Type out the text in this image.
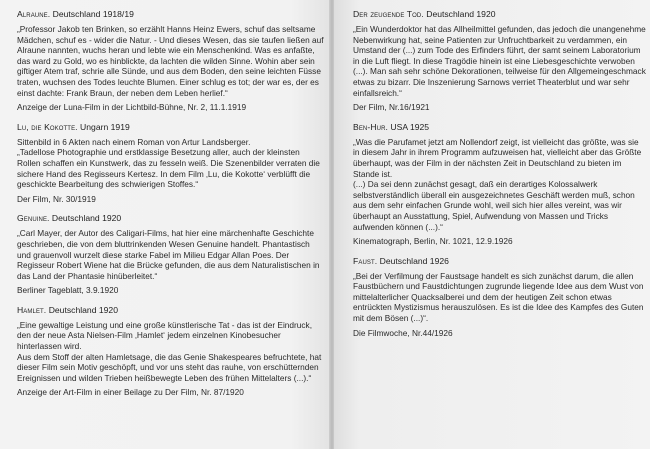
Alraune. Deutschland 1918/19

„Professor Jakob ten Brinken, so erzählt Hanns Heinz Ewers, schuf das seltsame Mädchen, schuf es - wider die Natur. - Und dieses Wesen, das sie taufen ließen auf Alraune nannten, wuchs heran und lebte wie ein Menschenkind. Was es anfaßte, das ward zu Gold, wo es hinblickte, da lachten die wilden Sinne. Wohin aber sein giftiger Atem traf, schrie alle Sünde, und aus dem Boden, den seine leichten Füsse traten, wuchsen des Todes leuchte Blumen. Einer schlug es tot; der war es, der es einst dachte: Frank Braun, der neben dem Leben herlief.“

Anzeige der Luna-Film in der Lichtbild-Bühne, Nr. 2, 11.1.1919
Lu, die Kokotte. Ungarn 1919

Sittenbild in 6 Akten nach einem Roman von Artur Landsberger.

„Tadellose Photographie und erstklassige Besetzung aller, auch der kleinsten Rollen schaffen ein Kunstwerk, das zu fesseln weiß. Die Szenenbilder verraten die sichere Hand des Regisseurs Kertesz. In dem Film ‚Lu, die Kokotte‘ verblüfft die geschickte Bearbeitung des schwierigen Stoffes.“

Der Film, Nr. 30/1919
Genuine. Deutschland 1920

„Carl Mayer, der Autor des Caligari-Films, hat hier eine märchenhafte Geschichte geschrieben, die von dem bluttrinkenden Wesen Genuine handelt. Phantastisch und grauenvoll wurzelt diese starke Fabel im Milieu Edgar Allan Poes. Der Regisseur Robert Wiene hat die Brücke gefunden, die aus dem Naturalistischen in das Land der Phantasie hinüberleitet.“

Berliner Tageblatt, 3.9.1920
Hamlet. Deutschland 1920

„Eine gewaltige Leistung und eine große künstlerische Tat - das ist der Eindruck, den der neue Asta Nielsen-Film ‚Hamlet‘ jedem einzelnen Kinobesucher hinterlassen wird.

Aus dem Stoff der alten Hamletsage, die das Genie Shakespeares befruchtete, hat dieser Film sein Motiv geschöpft, und vor uns steht das rauhe, von erschütternden Ereignissen und wilden Trieben heißbewegte Leben des frühen Mittelalters (...).“

Anzeige der Art-Film in einer Beilage zu Der Film, Nr. 87/1920
Der zeugende Tod. Deutschland 1920

„Ein Wunderdoktor hat das Allheilmittel gefunden, das jedoch die unangenehme Nebenwirkung hat, seine Patienten zur Unfruchtbarkeit zu verdammen, ein Umstand der (...) zum Tode des Erfinders führt, der samt seinem Laboratorium in die Luft fliegt. In diese Tragödie hinein ist eine Liebesgeschichte verwoben (...). Man sah sehr schöne Dekorationen, teilweise für den Allgemeingeschmack etwas zu bizarr. Die Inszenierung Sarnows verriet Theaterblut und war sehr einfallsreich.“

Der Film, Nr.16/1921
Ben-Hur. USA 1925

„Was die Parufamet jetzt am Nollendorf zeigt, ist vielleicht das größte, was sie in diesem Jahr in ihrem Programm aufzuweisen hat, vielleicht aber das Größte überhaupt, was der Film in der nächsten Zeit in Deutschland zu bieten im Stande ist.

(...) Da sei denn zunächst gesagt, daß ein derartiges Kolossalwerk selbstverständlich überall ein ausgezeichnetes Geschäft werden muß, schon aus dem sehr einfachen Grunde wohl, weil sich hier alles vereint, was wir überhaupt an Ausstattung, Spiel, Aufwendung von Massen und Tricks aufwenden können (...).“

Kinematograph, Berlin, Nr. 1021, 12.9.1926
Faust. Deutschland 1926

„Bei der Verfilmung der Faustsage handelt es sich zunächst darum, die allen Faustbüchern und Faustdichtungen zugrunde liegende Idee aus dem Wust von mittelalterlicher Quacksalberei und dem der heutigen Zeit schon etwas entrückten Mystizismus herauszulösen. Es ist die Idee des Kampfes des Guten mit dem Bösen (...)“.

Die Filmwoche, Nr.44/1926
